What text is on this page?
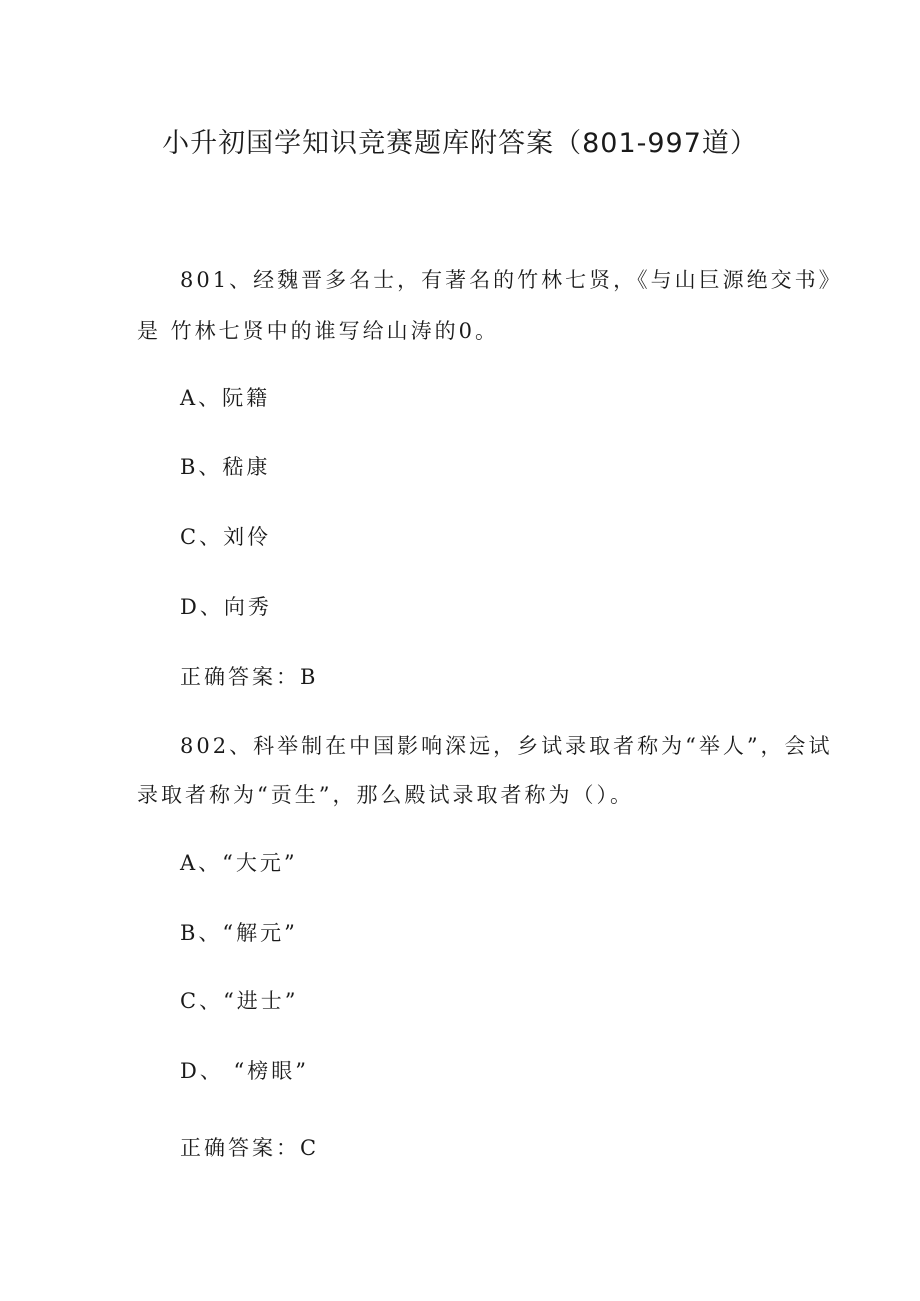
小升初国学知识竞赛题库附答案（801-997道）
801、经魏晋多名士，有著名的竹林七贤，《与山巨源绝交书》
是 竹林七贤中的谁写给山涛的0。
A、阮籍
B、嵇康
C、刘伶
D、向秀
正确答案：B
802、科举制在中国影响深远，乡试录取者称为“举人”，会试
录取者称为“贡生”，那么殿试录取者称为（）。
A、“大元”
B、“解元”
C、“进士”
D、 “榜眼”
正确答案：C
